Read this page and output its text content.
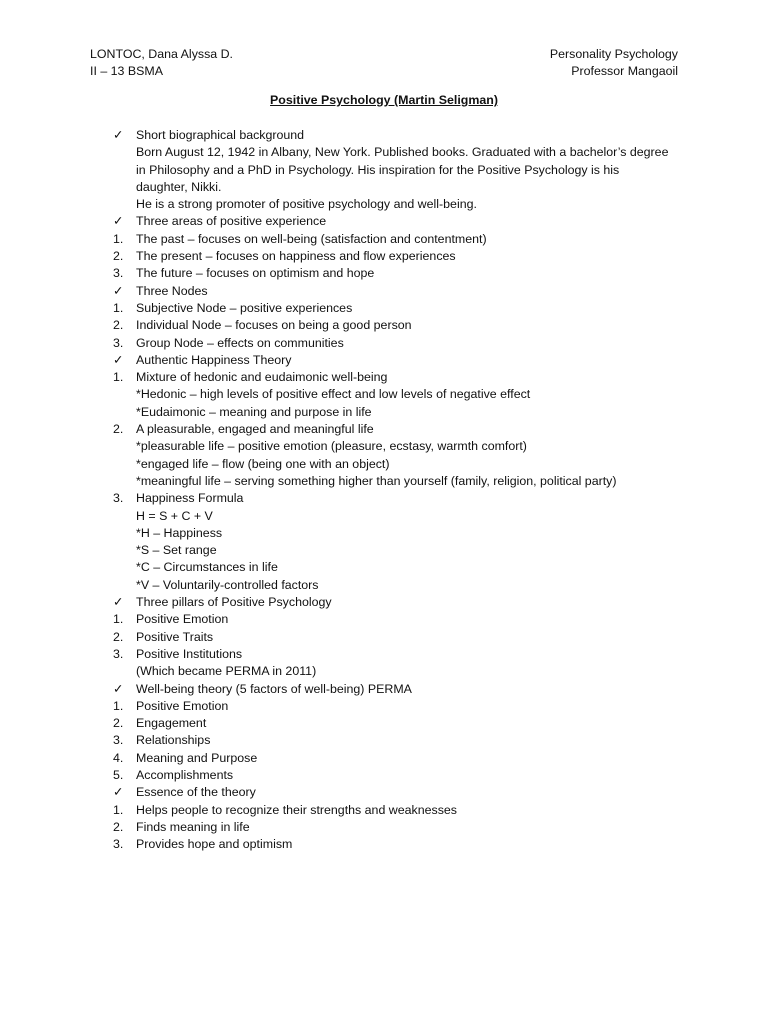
LONTOC, Dana Alyssa D.
II – 13 BSMA
Personality Psychology
Professor Mangaoil
Positive Psychology (Martin Seligman)
✓	Short biographical background
Born August 12, 1942 in Albany, New York. Published books. Graduated with a bachelor’s degree
in Philosophy and a PhD in Psychology. His inspiration for the Positive Psychology is his
daughter, Nikki.
He is a strong promoter of positive psychology and well-being.
✓	Three areas of positive experience
1.	The past – focuses on well-being (satisfaction and contentment)
2.	The present – focuses on happiness and flow experiences
3.	The future – focuses on optimism and hope
✓	Three Nodes
1.	Subjective Node – positive experiences
2.	Individual Node – focuses on being a good person
3.	Group Node – effects on communities
✓	Authentic Happiness Theory
1.	Mixture of hedonic and eudaimonic well-being
*Hedonic – high levels of positive effect and low levels of negative effect
*Eudaimonic – meaning and purpose in life
2.	A pleasurable, engaged and meaningful life
*pleasurable life – positive emotion (pleasure, ecstasy, warmth comfort)
*engaged life – flow (being one with an object)
*meaningful life – serving something higher than yourself (family, religion, political party)
3.	Happiness Formula
H = S + C + V
*H – Happiness
*S – Set range
*C – Circumstances in life
*V – Voluntarily-controlled factors
✓	Three pillars of Positive Psychology
1.	Positive Emotion
2.	Positive Traits
3.	Positive Institutions
(Which became PERMA in 2011)
✓	Well-being theory (5 factors of well-being) PERMA
1.	Positive Emotion
2.	Engagement
3.	Relationships
4.	Meaning and Purpose
5.	Accomplishments
✓	Essence of the theory
1.	Helps people to recognize their strengths and weaknesses
2.	Finds meaning in life
3.	Provides hope and optimism
